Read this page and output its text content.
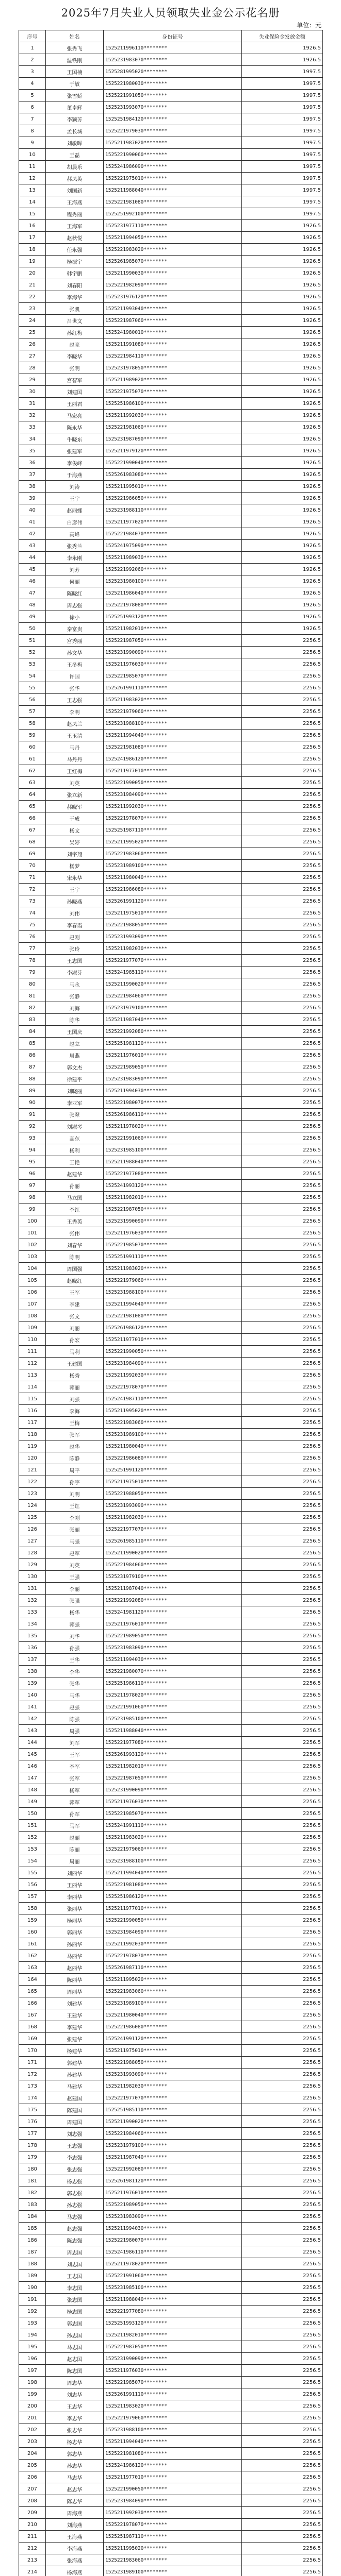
2025年7月失业人员领取失业金公示花名册
单位：元
序号	姓名	身份证号	失业保险金发放金额
1	张秀飞	1525211996110********	1926.5
2	温铁刚	1525231983070********	1926.5
3	王国楠	1525281995020********	1997.5
4	于敏	1525221980030********	1997.5
5	张雪娇	1525221991050********	1997.5
6	董卓辉	1525231993070********	1997.5
7	李颖芳	1525251984120********	1997.5
8	孟长城	1525221979030********	1997.5
9	刘敏晖	1525211987020********	1997.5
10	王磊	1525221990060********	1997.5
11	胡晨乐	1525241986090********	1997.5
12	郝凤英	1525221975010********	1997.5
13	刘国新	1525211988040********	1997.5
14	王海燕	1525221981080********	1997.5
15	程秀丽	1525251992100********	1997.5
16	王海军	1525231977110********	1926.5
17	赵秋悦	1525211994050********	1926.5
18	任永强	1525221983020********	1926.5
19	杨振宇	1525261985070********	1926.5
20	韩宇鹏	1525211990030********	1926.5
21	刘春阳	1525221982090********	1926.5
22	李海华	1525231976120********	1926.5
23	张凯	1525211993040********	1926.5
24	吕世文	1525221987060********	1926.5
25	孙红梅	1525241980010********	1926.5
26	赵亮	1525211991080********	1926.5
27	李晓华	1525221984110********	1926.5
28	张明	1525231978050********	1926.5
29	宫智军	1525211989020********	1926.5
30	刘建国	1525221975070********	1926.5
31	王丽君	1525251986100********	1926.5
32	马宏亮	1525211992030********	1926.5
33	陈永华	1525221981060********	1926.5
34	牛晓东	1525231987090********	1926.5
35	张建军	1525211979120********	1926.5
36	李俊峰	1525221990040********	1926.5
37	于海燕	1525261983080********	1926.5
38	刘涛	1525211995010********	1926.5
39	王宇	1525221986050********	1926.5
40	赵丽娜	1525231988110********	1926.5
41	白彦伟	1525211977020********	1926.5
42	高峰	1525221984070********	1926.5
43	张秀兰	1525241975090********	1926.5
44	李永刚	1525211989030********	1926.5
45	刘芳	1525221992060********	1926.5
46	何丽	1525231980100********	1926.5
47	陈晓红	1525211986040********	1926.5
48	周志强	1525221978080********	1926.5
49	徐小	1525251993120********	1926.5
50	秦富贵	1525211982010********	1926.5
51	宫秀丽	1525221987050********	2256.5
52	孙文华	1525231990090********	2256.5
53	王冬梅	1525211976030********	2256.5
54	许国	1525221985070********	2256.5
55	张华	1525261991110********	2256.5
56	王志强	1525211983020********	2256.5
57	李明	1525221979060********	2256.5
58	赵凤兰	1525231988100********	2256.5
59	王玉清	1525211994040********	2256.5
60	马丹	1525221981080********	2256.5
61	马丹丹	1525241986120********	2256.5
62	王红梅	1525211977010********	2256.5
63	刘英	1525221990050********	2256.5
64	张立新	1525231984090********	2256.5
65	郝晓军	1525211992030********	2256.5
66	于成	1525221978070********	2256.5
67	杨文	1525251987110********	2256.5
68	吴婷	1525211995020********	2256.5
69	刘宇翔	1525221983060********	2256.5
70	杨梦	1525231989100********	2256.5
71	宋永华	1525211980040********	2256.5
72	王宇	1525221986080********	2256.5
73	孙晓燕	1525261991120********	2256.5
74	刘伟	1525211975010********	2256.5
75	李春霞	1525221988050********	2256.5
76	赵刚	1525231993090********	2256.5
77	张玲	1525211982030********	2256.5
78	王志国	1525221977070********	2256.5
79	李淑芬	1525241985110********	2256.5
80	马永	1525211990020********	2256.5
81	张静	1525221984060********	2256.5
82	刘海	1525231979100********	2256.5
83	陈华	1525211987040********	2256.5
84	王国庆	1525221992080********	2256.5
85	赵立	1525251981120********	2256.5
86	周燕	1525211976010********	2256.5
87	郭文杰	1525221989050********	2256.5
88	徐建平	1525231983090********	2256.5
89	刘晓丽	1525211994030********	2256.5
90	李亚军	1525221980070********	2256.5
91	张翠	1525261986110********	2256.5
92	刘淑琴	1525211978020********	2256.5
93	高东	1525221991060********	2256.5
94	杨利	1525231985100********	2256.5
95	王艳	1525211988040********	2256.5
96	赵建华	1525221977080********	2256.5
97	孙丽	1525241993120********	2256.5
98	马立国	1525211982010********	2256.5
99	李红	1525221987050********	2256.5
100	王秀英	1525231990090********	2256.5
101	张伟	1525211976030********	2256.5
102	刘春华	1525221985070********	2256.5
103	陈明	1525251991110********	2256.5
104	周国强	1525211983020********	2256.5
105	赵晓红	1525221979060********	2256.5
106	王军	1525231988100********	2256.5
107	李建	1525211994040********	2256.5
108	张文	1525221981080********	2256.5
109	刘丽	1525261986120********	2256.5
110	孙宏	1525211977010********	2256.5
111	马利	1525221990050********	2256.5
112	王建国	1525231984090********	2256.5
113	杨秀	1525211992030********	2256.5
114	郭丽	1525221978070********	2256.5
115	刘强	1525241987110********	2256.5
116	李海	1525211995020********	2256.5
117	王梅	1525221983060********	2256.5
118	张军	1525231989100********	2256.5
119	赵华	1525211980040********	2256.5
120	陈静	1525221986080********	2256.5
121	周平	1525251991120********	2256.5
122	孙宇	1525211975010********	2256.5
123	刘明	1525221988050********	2256.5
124	王红	1525231993090********	2256.5
125	李刚	1525211982030********	2256.5
126	张丽	1525221977070********	2256.5
127	马强	1525261985110********	2256.5
128	赵军	1525211990020********	2256.5
129	刘英	1525221984060********	2256.5
130	王强	1525231979100********	2256.5
131	李丽	1525211987040********	2256.5
132	张强	1525221992080********	2256.5
133	杨华	1525241981120********	2256.5
134	郭强	1525211976010********	2256.5
135	刘华	1525221989050********	2256.5
136	孙强	1525231983090********	2256.5
137	王华	1525211994030********	2256.5
138	李华	1525221980070********	2256.5
139	张华	1525251986110********	2256.5
140	马华	1525211978020********	2256.5
141	赵强	1525221991060********	2256.5
142	陈强	1525231985100********	2256.5
143	周强	1525211988040********	2256.5
144	刘军	1525221977080********	2256.5
145	王军	1525261993120********	2256.5
146	李军	1525211982010********	2256.5
147	张军	1525221987050********	2256.5
148	杨军	1525231990090********	2256.5
149	郭军	1525211976030********	2256.5
150	孙军	1525221985070********	2256.5
151	马军	1525241991110********	2256.5
152	赵丽	1525211983020********	2256.5
153	陈丽	1525221979060********	2256.5
154	周丽	1525231988100********	2256.5
155	刘丽华	1525211994040********	2256.5
156	王丽华	1525221981080********	2256.5
157	李丽华	1525251986120********	2256.5
158	张丽华	1525211977010********	2256.5
159	杨丽华	1525221990050********	2256.5
160	郭丽华	1525231984090********	2256.5
161	孙丽华	1525211992030********	2256.5
162	马丽华	1525221978070********	2256.5
163	赵丽华	1525261987110********	2256.5
164	陈丽华	1525211995020********	2256.5
165	周丽华	1525221983060********	2256.5
166	刘建华	1525231989100********	2256.5
167	王建华	1525211980040********	2256.5
168	李建华	1525221986080********	2256.5
169	张建华	1525241991120********	2256.5
170	杨建华	1525211975010********	2256.5
171	郭建华	1525221988050********	2256.5
172	孙建华	1525231993090********	2256.5
173	马建华	1525211982030********	2256.5
174	赵建国	1525221977070********	2256.5
175	陈建国	1525251985110********	2256.5
176	周建国	1525211990020********	2256.5
177	刘志强	1525221984060********	2256.5
178	王志强	1525231979100********	2256.5
179	李志强	1525211987040********	2256.5
180	张志强	1525221992080********	2256.5
181	杨志强	1525261981120********	2256.5
182	郭志强	1525211976010********	2256.5
183	孙志强	1525221989050********	2256.5
184	马志强	1525231983090********	2256.5
185	赵志强	1525211994030********	2256.5
186	陈志强	1525221980070********	2256.5
187	周志国	1525241986110********	2256.5
188	刘志国	1525211978020********	2256.5
189	王志国	1525221991060********	2256.5
190	李志国	1525231985100********	2256.5
191	张志国	1525211988040********	2256.5
192	杨志国	1525221977080********	2256.5
193	郭志国	1525251993120********	2256.5
194	孙志国	1525211982010********	2256.5
195	马志国	1525221987050********	2256.5
196	赵志国	1525231990090********	2256.5
197	陈志国	1525211976030********	2256.5
198	周志华	1525221985070********	2256.5
199	刘志华	1525261991110********	2256.5
200	王志华	1525211983020********	2256.5
201	李志华	1525221979060********	2256.5
202	张志华	1525231988100********	2256.5
203	杨志华	1525211994040********	2256.5
204	郭志华	1525221981080********	2256.5
205	孙志华	1525241986120********	2256.5
206	马志华	1525211977010********	2256.5
207	赵志华	1525221990050********	2256.5
208	陈志华	1525231984090********	2256.5
209	周海燕	1525211992030********	2256.5
210	刘海燕	1525221978070********	2256.5
211	王海燕	1525251987110********	2256.5
212	李海燕	1525211995020********	2256.5
213	张海燕	1525221983060********	2256.5
214	杨海燕	1525231989100********	2256.5
